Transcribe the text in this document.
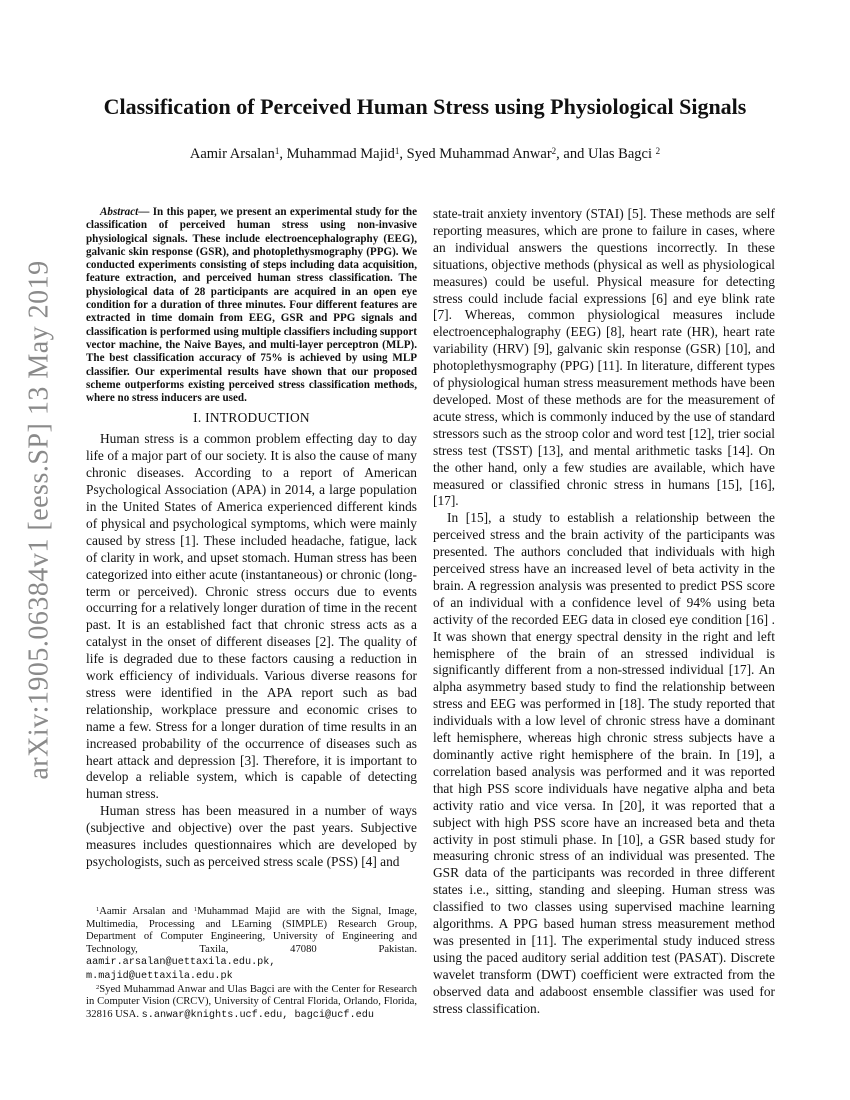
arXiv:1905.06384v1 [eess.SP] 13 May 2019
Classification of Perceived Human Stress using Physiological Signals
Aamir Arsalan$^1$, Muhammad Majid$^1$, Syed Muhammad Anwar$^2$, and Ulas Bagci $^2$

Abstract— In this paper, we present an experimental study for the classification of perceived human stress using non-invasive physiological signals. These include electroencephalography (EEG), galvanic skin response (GSR), and photoplethysmography (PPG). We conducted experiments consisting of steps including data acquisition, feature extraction, and perceived human stress classification. The physiological data of 28 participants are acquired in an open eye condition for a duration of three minutes. Four different features are extracted in time domain from EEG, GSR and PPG signals and classification is performed using multiple classifiers including support vector machine, the Naive Bayes, and multi-layer perceptron (MLP). The best classification accuracy of 75% is achieved by using MLP classifier. Our experimental results have shown that our proposed scheme outperforms existing perceived stress classification methods, where no stress inducers are used.

I. INTRODUCTION

Human stress is a common problem effecting day to day life of a major part of our society. It is also the cause of many chronic diseases. According to a report of American Psychological Association (APA) in 2014, a large population in the United States of America experienced different kinds of physical and psychological symptoms, which were mainly caused by stress [1]. These included headache, fatigue, lack of clarity in work, and upset stomach. Human stress has been categorized into either acute (instantaneous) or chronic (long-term or perceived). Chronic stress occurs due to events occurring for a relatively longer duration of time in the recent past. It is an established fact that chronic stress acts as a catalyst in the onset of different diseases [2]. The quality of life is degraded due to these factors causing a reduction in work efficiency of individuals. Various diverse reasons for stress were identified in the APA report such as bad relationship, workplace pressure and economic crises to name a few. Stress for a longer duration of time results in an increased probability of the occurrence of diseases such as heart attack and depression [3]. Therefore, it is important to develop a reliable system, which is capable of detecting human stress.

Human stress has been measured in a number of ways (subjective and objective) over the past years. Subjective measures includes questionnaires which are developed by psychologists, such as perceived stress scale (PSS) [4] and

$^1$Aamir Arsalan and $^1$Muhammad Majid are with the Signal, Image, Multimedia, Processing and LEarning (SIMPLE) Research Group, Department of Computer Engineering, University of Engineering and Technology, Taxila, 47080 Pakistan. aamir.arsalan@uettaxila.edu.pk, m.majid@uettaxila.edu.pk

$^2$Syed Muhammad Anwar and Ulas Bagci are with the Center for Research in Computer Vision (CRCV), University of Central Florida, Orlando, Florida, 32816 USA. s.anwar@knights.ucf.edu, bagci@ucf.edu

state-trait anxiety inventory (STAI) [5]. These methods are self reporting measures, which are prone to failure in cases, where an individual answers the questions incorrectly. In these situations, objective methods (physical as well as physiological measures) could be useful. Physical measure for detecting stress could include facial expressions [6] and eye blink rate [7]. Whereas, common physiological measures include electroencephalography (EEG) [8], heart rate (HR), heart rate variability (HRV) [9], galvanic skin response (GSR) [10], and photoplethysmography (PPG) [11]. In literature, different types of physiological human stress measurement methods have been developed. Most of these methods are for the measurement of acute stress, which is commonly induced by the use of standard stressors such as the stroop color and word test [12], trier social stress test (TSST) [13], and mental arithmetic tasks [14]. On the other hand, only a few studies are available, which have measured or classified chronic stress in humans [15], [16], [17].

In [15], a study to establish a relationship between the perceived stress and the brain activity of the participants was presented. The authors concluded that individuals with high perceived stress have an increased level of beta activity in the brain. A regression analysis was presented to predict PSS score of an individual with a confidence level of 94% using beta activity of the recorded EEG data in closed eye condition [16] . It was shown that energy spectral density in the right and left hemisphere of the brain of an stressed individual is significantly different from a non-stressed individual [17]. An alpha asymmetry based study to find the relationship between stress and EEG was performed in [18]. The study reported that individuals with a low level of chronic stress have a dominant left hemisphere, whereas high chronic stress subjects have a dominantly active right hemisphere of the brain. In [19], a correlation based analysis was performed and it was reported that high PSS score individuals have negative alpha and beta activity ratio and vice versa. In [20], it was reported that a subject with high PSS score have an increased beta and theta activity in post stimuli phase. In [10], a GSR based study for measuring chronic stress of an individual was presented. The GSR data of the participants was recorded in three different states i.e., sitting, standing and sleeping. Human stress was classified to two classes using supervised machine learning algorithms. A PPG based human stress measurement method was presented in [11]. The experimental study induced stress using the paced auditory serial addition test (PASAT). Discrete wavelet transform (DWT) coefficient were extracted from the observed data and adaboost ensemble classifier was used for stress classification.
